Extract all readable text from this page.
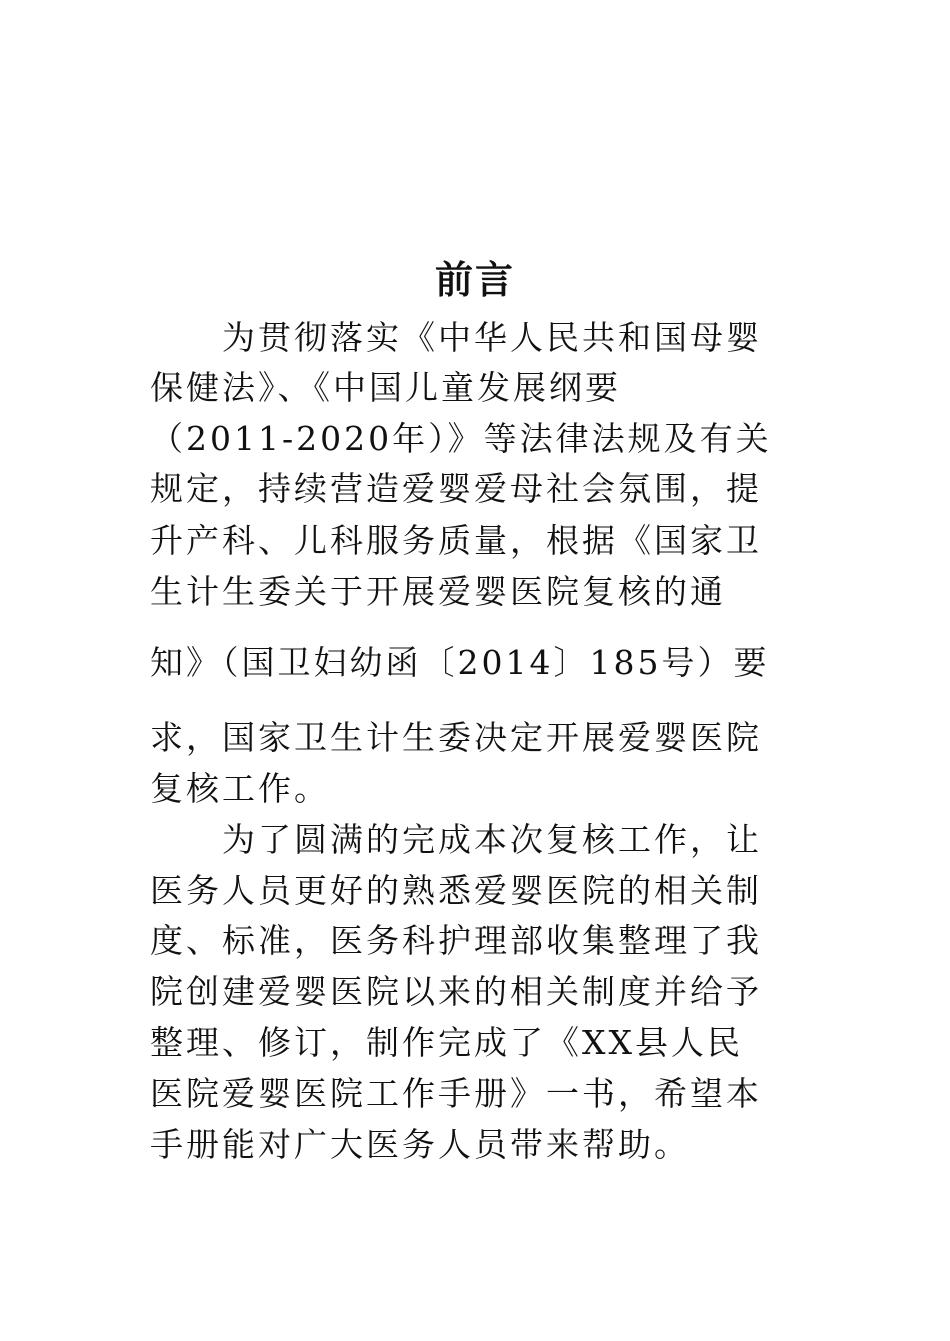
前言
为贯彻落实《中华人民共和国母婴
保健法》、《中国儿童发展纲要
（2011-2020年）》等法律法规及有关
规定，持续营造爱婴爱母社会氛围，提
升产科、儿科服务质量，根据《国家卫
生计生委关于开展爱婴医院复核的通
知》（国卫妇幼函〔2014〕185号）要
求，国家卫生计生委决定开展爱婴医院
复核工作。
为了圆满的完成本次复核工作，让
医务人员更好的熟悉爱婴医院的相关制
度、标准，医务科护理部收集整理了我
院创建爱婴医院以来的相关制度并给予
整理、修订，制作完成了《XX县人民
医院爱婴医院工作手册》一书，希望本
手册能对广大医务人员带来帮助。
